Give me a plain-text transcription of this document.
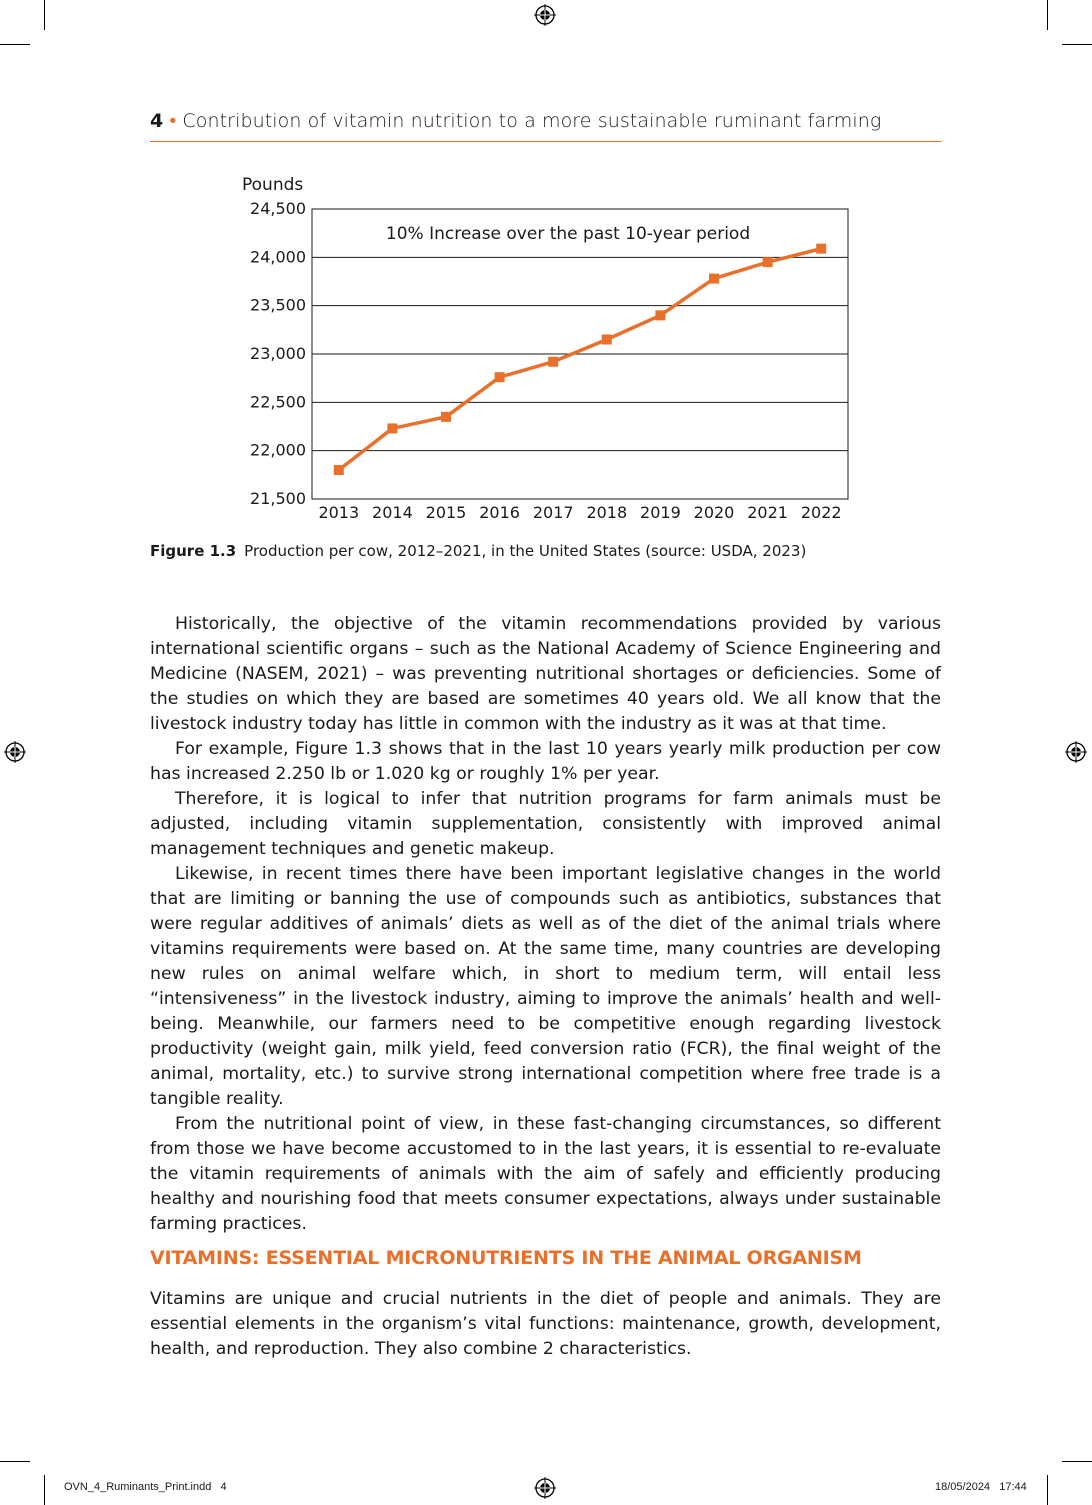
4 • Contribution of vitamin nutrition to a more sustainable ruminant farming
21,500
22,000
22,500
23,000
23,500
24,000
24,500
Pounds
10% Increase over the past 10-year period
2013 2014 2015 2016 2017 2018 2019 2020 2021 2022
Figure 1.3 Production per cow, 2012–2021, in the United States (source: USDA, 2023)

Historically, the objective of the vitamin recommendations provided by various international scientific organs – such as the National Academy of Science Engineering and Medicine (NASEM, 2021) – was preventing nutritional shortages or deficiencies. Some of the studies on which they are based are sometimes 40 years old. We all know that the livestock industry today has little in common with the industry as it was at that time.

For example, Figure 1.3 shows that in the last 10 years yearly milk production per cow has increased 2.250 lb or 1.020 kg or roughly 1% per year.

Therefore, it is logical to infer that nutrition programs for farm animals must be adjusted, including vitamin supplementation, consistently with improved animal management techniques and genetic makeup.

Likewise, in recent times there have been important legislative changes in the world that are limiting or banning the use of compounds such as antibiotics, substances that were regular additives of animals’ diets as well as of the diet of the animal trials where vitamins requirements were based on. At the same time, many countries are developing new rules on animal welfare which, in short to medium term, will entail less “intensiveness” in the livestock industry, aiming to improve the animals’ health and well-being. Meanwhile, our farmers need to be competitive enough regarding livestock productivity (weight gain, milk yield, feed conversion ratio (FCR), the final weight of the animal, mortality, etc.) to survive strong international competition where free trade is a tangible reality.

From the nutritional point of view, in these fast-changing circumstances, so different from those we have become accustomed to in the last years, it is essential to re-evaluate the vitamin requirements of animals with the aim of safely and efficiently producing healthy and nourishing food that meets consumer expectations, always under sustainable farming practices.

VITAMINS: ESSENTIAL MICRONUTRIENTS IN THE ANIMAL ORGANISM

Vitamins are unique and crucial nutrients in the diet of people and animals. They are essential elements in the organism’s vital functions: maintenance, growth, development, health, and reproduction. They also combine 2 characteristics.

OVN_4_Ruminants_Print.indd   4	18/05/2024   17:44
